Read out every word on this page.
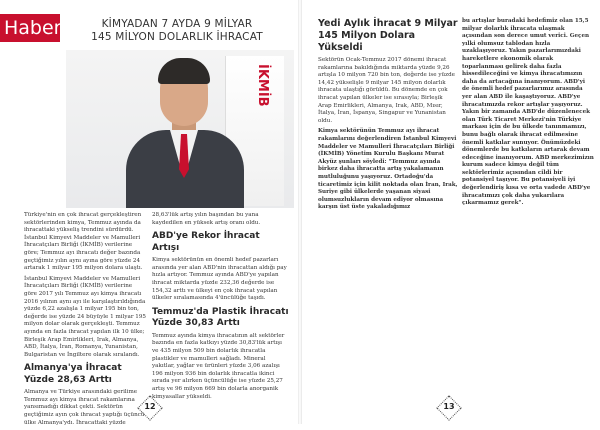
Haber	KİMYADAN 7 AYDA 9 MİLYAR
145 MİLYON DOLARLIK İHRACAT

Türkiye'nin en çok ihracat gerçekleştiren sektörlerinden kimya, Temmuz ayında da ihracattaki yükseliş trendini sürdürdü. İstanbul Kimyevi Maddeler ve Mamulleri İhracatçıları Birliği (İKMİB) verilerine göre; Temmuz ayı ihracatı değer bazında geçtiğimiz yılın aynı ayına göre yüzde 24 artarak 1 milyar 195 milyon dolara ulaştı.

İstanbul Kimyevi Maddeler ve Mamulleri İhracatçıları Birliği (İKMİB) verilerine göre 2017 yılı Temmuz ayı kimya ihracatı 2016 yılının aynı ayı ile karşılaştırıldığında yüzde 6,22 azalışla 1 milyar 195 bin ton, değerde ise yüzde 24 büyüyle 1 milyar 195 milyon dolar olarak gerçekleşti. Temmuz ayında en fazla ihracat yapılan ilk 10 ülke; Birleşik Arap Emirlikleri, Irak, Almanya, ABD, İtalya, İran, Romanya, Yunanistan, Bulgaristan ve İngiltere olarak sıralandı.

Almanya'ya İhracat Yüzde 28,63 Arttı

Almanya ve Türkiye arasındaki gerilime Temmuz ayı kimya ihracat rakamlarına yansımadığı dikkat çekti. Sektörün geçtiğimiz ayın çok ihracat yaptığı üçüncü ülke Almanya'ydı. İhracattaki yüzde

28,63'lük artış yılın başından bu yana kaydedilen en yüksek artış oranı oldu.

ABD'ye Rekor İhracat Artışı

Kimya sektörünün en önemli hedef pazarları arasında yer alan ABD'nin ihracattan aldığı pay hızla artıyor. Temmuz ayında ABD'ye yapılan ihracat miktarda yüzde 232,36 değerde ise 154,32 arttı ve ülkeyi en çok ihracat yapılan ülkeler sıralamasında 4'üncülüğe taşıdı.

Temmuz'da Plastik İhracatı Yüzde 30,83 Arttı

Temmuz ayında kimya ihracatının alt sektörler bazında en fazla katkıyı yüzde 30,83'lük artışı ve 435 milyon 509 bin dolarlık ihracatla plastikler ve mamulleri sağladı. Mineral yakıtlar, yağlar ve ürünleri yüzde 3,06 azalışı 196 milyon 936 bin dolarlık ihracatla ikinci sırada yer alırken üçüncülüğe ise yüzde 25,27 artış ve 96 milyon 669 bin dolarla anorganik kimyasallar yükseldi.

12
Yedi Aylık İhracat 9 Milyar 145 Milyon Dolara Yükseldi

Sektörün Ocak-Temmuz 2017 dönemi ihracat rakamlarına bakıldığında miktarda yüzde 9,26 artışla 10 milyon 720 bin ton, değerde ise yüzde 14,42 yükselişle 9 milyar 145 milyon dolarlık ihracata ulaştığı görüldü. Bu dönemde en çok ihracat yapılan ülkeler ise sırasıyla; Birleşik Arap Emirlikleri, Almanya, Irak, ABD, Mısır, İtalya, İran, İspanya, Singapur ve Yunanistan oldu.

Kimya sektörünün Temmuz ayı ihracat rakamlarını değerlendiren İstanbul Kimyevi Maddeler ve Mamulleri İhracatçıları Birliği (İKMİB) Yönetim Kurulu Başkanı Murat Akyüz şunları söyledi: "Temmuz ayında birkez daha ihracatta artış yakalamanın mutluluğunu yaşıyoruz. Ortadoğu'da ticaretimiz için kilit noktada olan İran, Irak, Suriye gibi ülkelerde yaşanan siyasi olumsuzlukların devam ediyor olmasına karşın üst üste yakaladığımız

bu artışlar buradaki hedefimiz olan 15,5 milyar dolarlık ihracata ulaşmak açısından son derece umut verici. Geçen yılki olumsuz tablodan hızla uzaklaşıyoruz. Yakın pazarlarımızdaki hareketlere ekonomik olarak toparlanması gelirek daha fazla hissedileceğini ve kimya ihracatımızın daha da artacağına inanıyorum. ABD'yi de önemli hedef pazarlarımız arasında yer alan ABD ile kaşaştıyoruz. ABD'ye ihracatımızda rekor artışlar yaşıyoruz. Yakın bir zamanda ABD'de düzenlenecek olan Türk Ticaret Merkezi'nin Türkiye markası için de bu ülkede tanınmamızı, bunu bağlı olarak ihracat edilmesine önemli katkılar sunuyor. Önümüzdeki dönemlerde bu katkıların artarak devam edeceğine inanıyorum. ABD merkezimizın kurum sadece kimya değil tüm sektörlerimiz açısından cildi bir potansiyel taşıyor. Bu potansiyeli iyi değerlendiriş kısa ve orta vadede ABD'ye ihracatımızı çok daha yukarılara çıkarmamız gerek".

13
